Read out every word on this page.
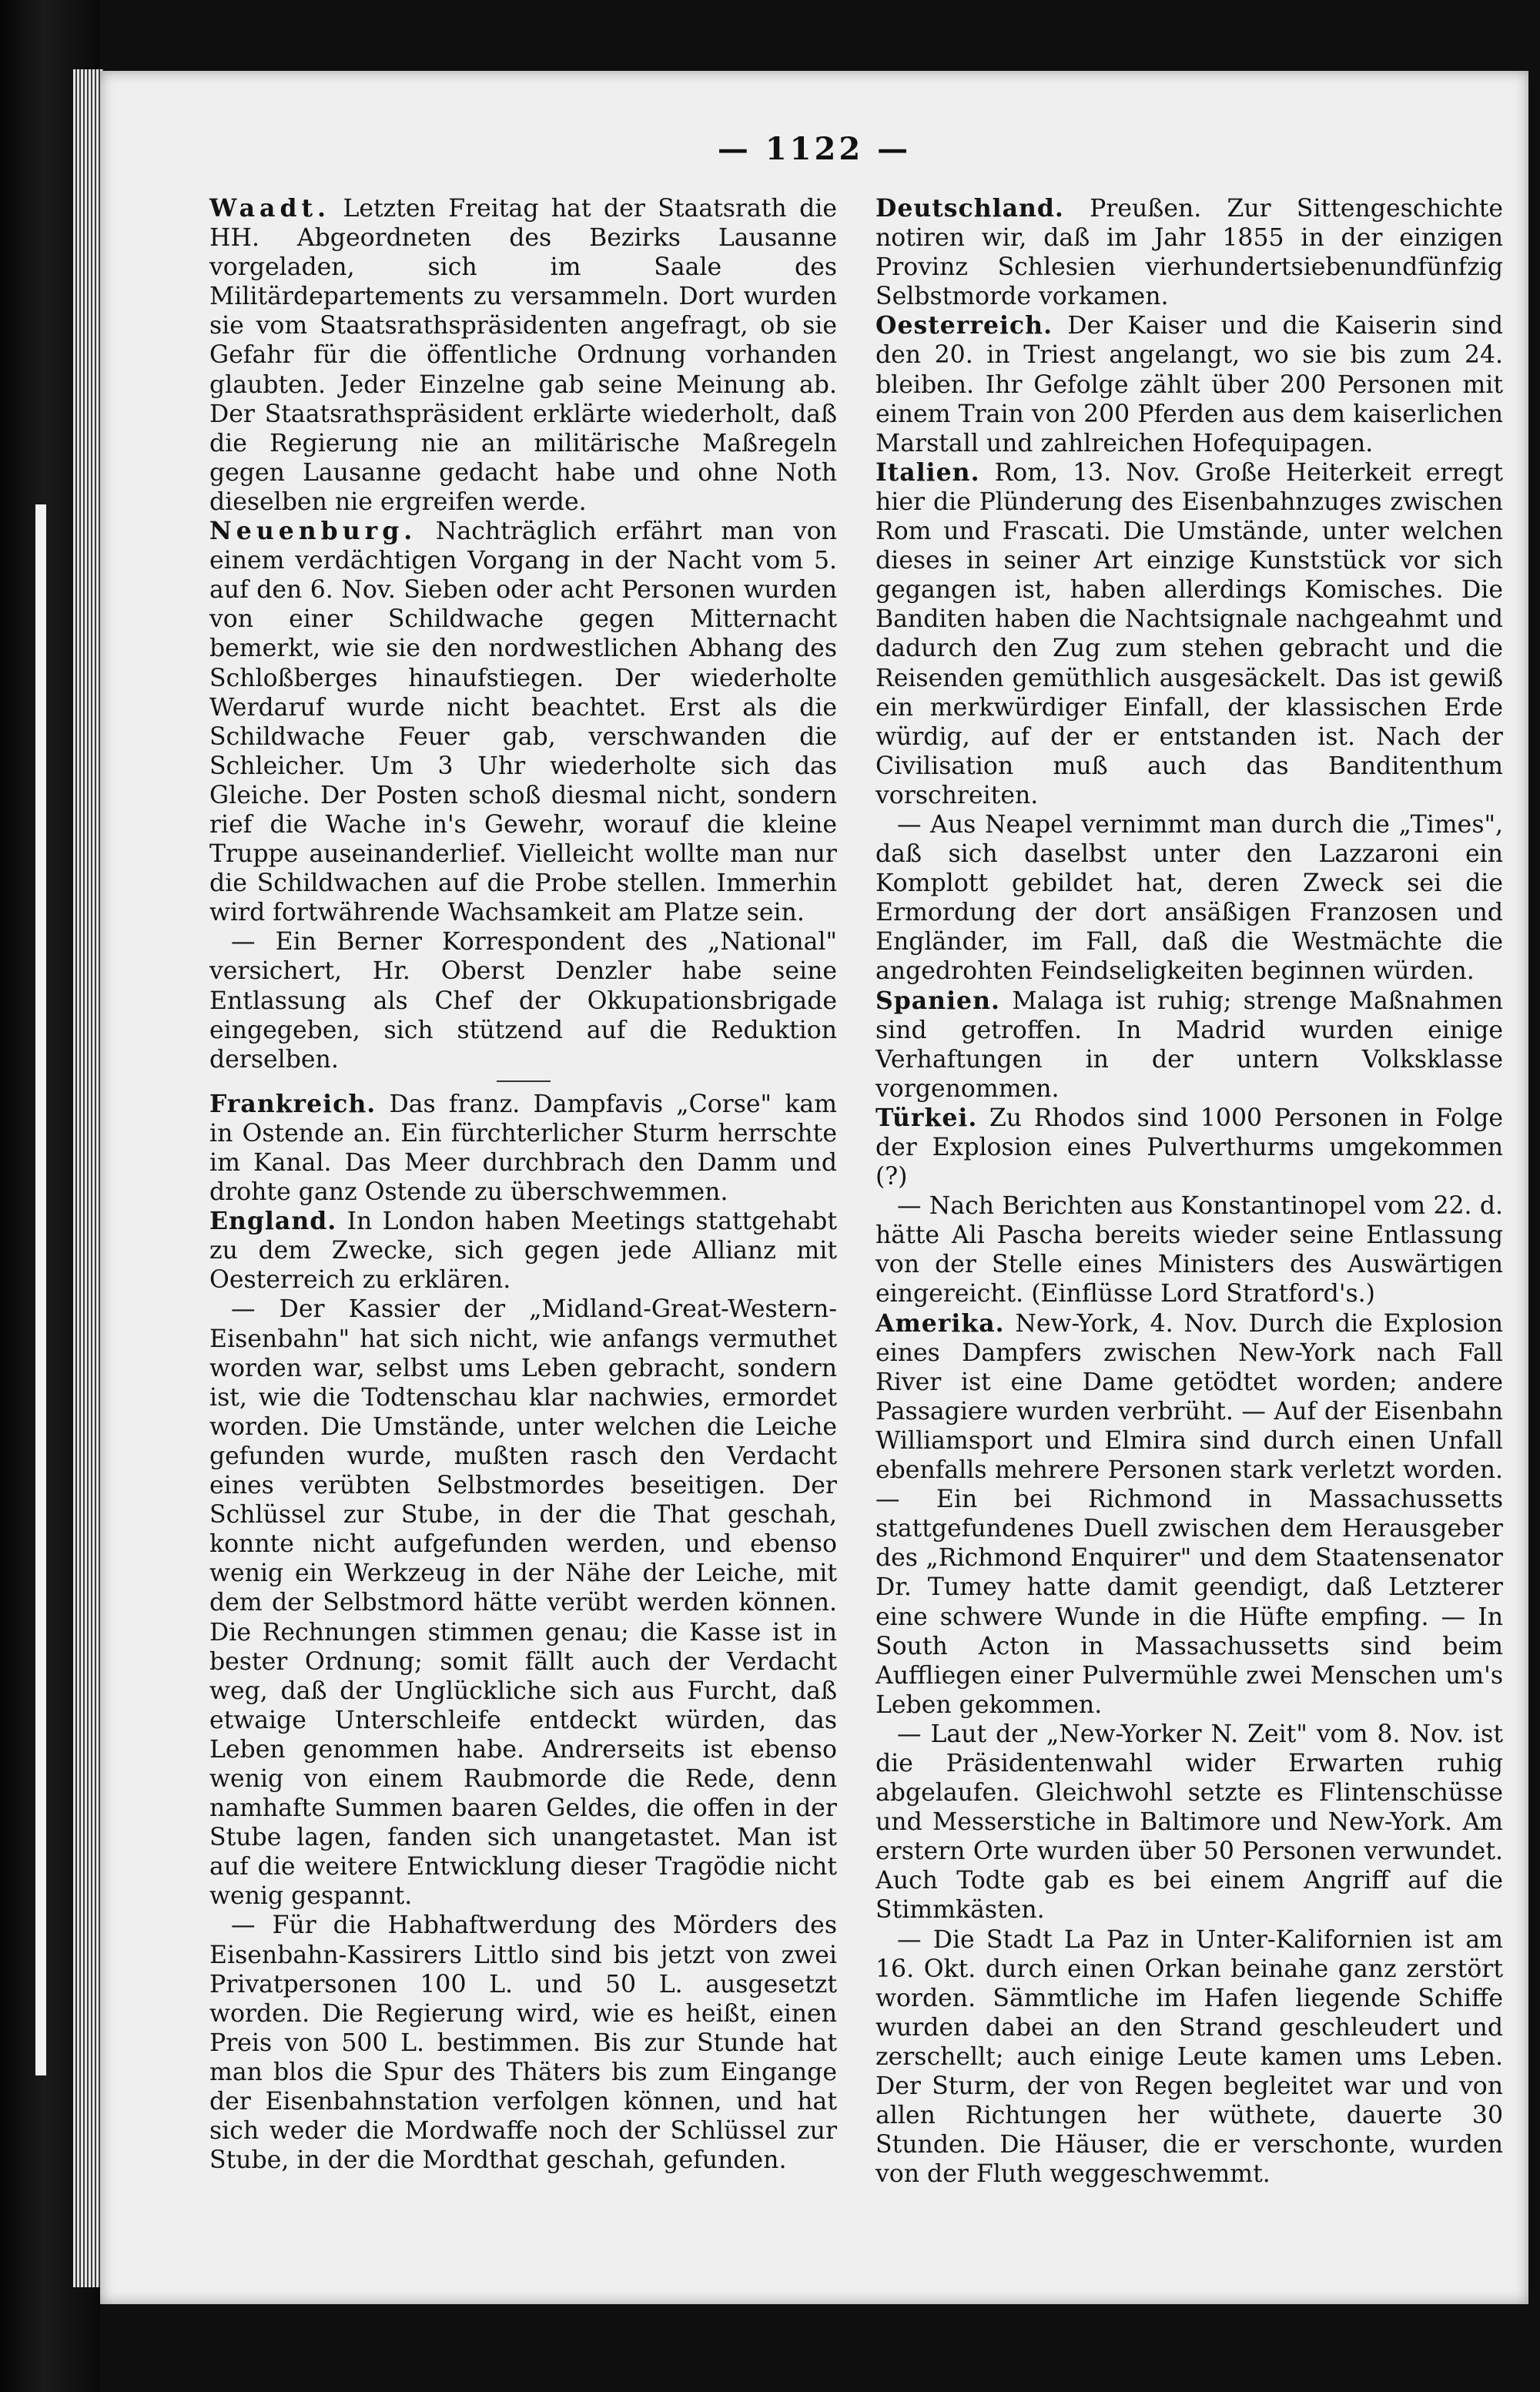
— 1122 —

Waadt. Letzten Freitag hat der Staatsrath die HH. Abgeordneten des Bezirks Lausanne vorgeladen, sich im Saale des Militärdepartements zu versammeln. Dort wurden sie vom Staatsrathspräsidenten angefragt, ob sie Gefahr für die öffentliche Ordnung vorhanden glaubten. Jeder Einzelne gab seine Meinung ab. Der Staatsrathspräsident erklärte wiederholt, daß die Regierung nie an militärische Maßregeln gegen Lausanne gedacht habe und ohne Noth dieselben nie ergreifen werde.

Neuenburg. Nachträglich erfährt man von einem verdächtigen Vorgang in der Nacht vom 5. auf den 6. Nov. Sieben oder acht Personen wurden von einer Schildwache gegen Mitternacht bemerkt, wie sie den nordwestlichen Abhang des Schloßberges hinaufstiegen. Der wiederholte Werdaruf wurde nicht beachtet. Erst als die Schildwache Feuer gab, verschwanden die Schleicher. Um 3 Uhr wiederholte sich das Gleiche. Der Posten schoß diesmal nicht, sondern rief die Wache in's Gewehr, worauf die kleine Truppe auseinanderlief. Vielleicht wollte man nur die Schildwachen auf die Probe stellen. Immerhin wird fortwährende Wachsamkeit am Platze sein.

— Ein Berner Korrespondent des „National" versichert, Hr. Oberst Denzler habe seine Entlassung als Chef der Okkupationsbrigade eingegeben, sich stützend auf die Reduktion derselben.

Frankreich. Das franz. Dampfavis „Corse" kam in Ostende an. Ein fürchterlicher Sturm herrschte im Kanal. Das Meer durchbrach den Damm und drohte ganz Ostende zu überschwemmen.

England. In London haben Meetings stattgehabt zu dem Zwecke, sich gegen jede Allianz mit Oesterreich zu erklären.

— Der Kassier der „Midland-Great-Western-Eisenbahn" hat sich nicht, wie anfangs vermuthet worden war, selbst ums Leben gebracht, sondern ist, wie die Todtenschau klar nachwies, ermordet worden. Die Umstände, unter welchen die Leiche gefunden wurde, mußten rasch den Verdacht eines verübten Selbstmordes beseitigen. Der Schlüssel zur Stube, in der die That geschah, konnte nicht aufgefunden werden, und ebenso wenig ein Werkzeug in der Nähe der Leiche, mit dem der Selbstmord hätte verübt werden können. Die Rechnungen stimmen genau; die Kasse ist in bester Ordnung; somit fällt auch der Verdacht weg, daß der Unglückliche sich aus Furcht, daß etwaige Unterschleife entdeckt würden, das Leben genommen habe. Andrerseits ist ebenso wenig von einem Raubmorde die Rede, denn namhafte Summen baaren Geldes, die offen in der Stube lagen, fanden sich unangetastet. Man ist auf die weitere Entwicklung dieser Tragödie nicht wenig gespannt.

— Für die Habhaftwerdung des Mörders des Eisenbahn-Kassirers Littlo sind bis jetzt von zwei Privatpersonen 100 L. und 50 L. ausgesetzt worden. Die Regierung wird, wie es heißt, einen Preis von 500 L. bestimmen. Bis zur Stunde hat man blos die Spur des Thäters bis zum Eingange der Eisenbahnstation verfolgen können, und hat sich weder die Mordwaffe noch der Schlüssel zur Stube, in der die Mordthat geschah, gefunden.

Deutschland. Preußen. Zur Sittengeschichte notiren wir, daß im Jahr 1855 in der einzigen Provinz Schlesien vierhundertsiebenundfünfzig Selbstmorde vorkamen.

Oesterreich. Der Kaiser und die Kaiserin sind den 20. in Triest angelangt, wo sie bis zum 24. bleiben. Ihr Gefolge zählt über 200 Personen mit einem Train von 200 Pferden aus dem kaiserlichen Marstall und zahlreichen Hofequipagen.

Italien. Rom, 13. Nov. Große Heiterkeit erregt hier die Plünderung des Eisenbahnzuges zwischen Rom und Frascati. Die Umstände, unter welchen dieses in seiner Art einzige Kunststück vor sich gegangen ist, haben allerdings Komisches. Die Banditen haben die Nachtsignale nachgeahmt und dadurch den Zug zum stehen gebracht und die Reisenden gemüthlich ausgesäckelt. Das ist gewiß ein merkwürdiger Einfall, der klassischen Erde würdig, auf der er entstanden ist. Nach der Civilisation muß auch das Banditenthum vorschreiten.

— Aus Neapel vernimmt man durch die „Times", daß sich daselbst unter den Lazzaroni ein Komplott gebildet hat, deren Zweck sei die Ermordung der dort ansäßigen Franzosen und Engländer, im Fall, daß die Westmächte die angedrohten Feindseligkeiten beginnen würden.

Spanien. Malaga ist ruhig; strenge Maßnahmen sind getroffen. In Madrid wurden einige Verhaftungen in der untern Volksklasse vorgenommen.

Türkei. Zu Rhodos sind 1000 Personen in Folge der Explosion eines Pulverthurms umgekommen (?)

— Nach Berichten aus Konstantinopel vom 22. d. hätte Ali Pascha bereits wieder seine Entlassung von der Stelle eines Ministers des Auswärtigen eingereicht. (Einflüsse Lord Stratford's.)

Amerika. New-York, 4. Nov. Durch die Explosion eines Dampfers zwischen New-York nach Fall River ist eine Dame getödtet worden; andere Passagiere wurden verbrüht. — Auf der Eisenbahn Williamsport und Elmira sind durch einen Unfall ebenfalls mehrere Personen stark verletzt worden. — Ein bei Richmond in Massachussetts stattgefundenes Duell zwischen dem Herausgeber des „Richmond Enquirer" und dem Staatensenator Dr. Tumey hatte damit geendigt, daß Letzterer eine schwere Wunde in die Hüfte empfing. — In South Acton in Massachussetts sind beim Auffliegen einer Pulvermühle zwei Menschen um's Leben gekommen.

— Laut der „New-Yorker N. Zeit" vom 8. Nov. ist die Präsidentenwahl wider Erwarten ruhig abgelaufen. Gleichwohl setzte es Flintenschüsse und Messerstiche in Baltimore und New-York. Am erstern Orte wurden über 50 Personen verwundet. Auch Todte gab es bei einem Angriff auf die Stimmkästen.

— Die Stadt La Paz in Unter-Kalifornien ist am 16. Okt. durch einen Orkan beinahe ganz zerstört worden. Sämmtliche im Hafen liegende Schiffe wurden dabei an den Strand geschleudert und zerschellt; auch einige Leute kamen ums Leben. Der Sturm, der von Regen begleitet war und von allen Richtungen her wüthete, dauerte 30 Stunden. Die Häuser, die er verschonte, wurden von der Fluth weggeschwemmt.
